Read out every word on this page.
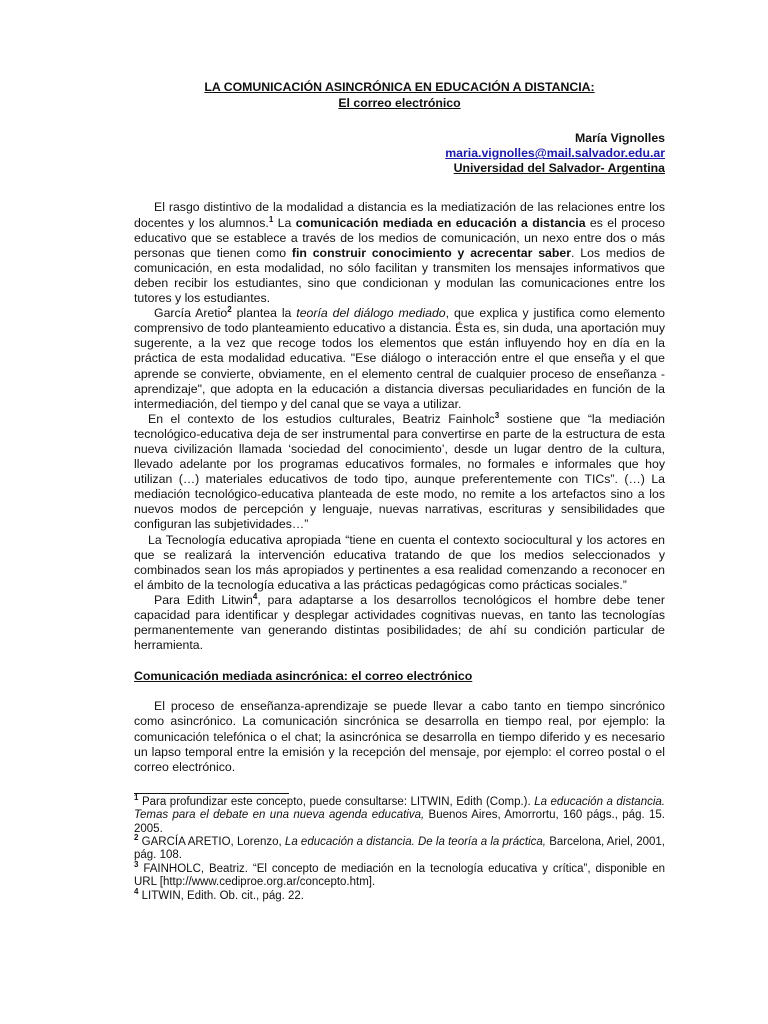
LA COMUNICACIÓN ASINCRÓNICA EN EDUCACIÓN A DISTANCIA:
El correo electrónico
María Vignolles
maria.vignolles@mail.salvador.edu.ar
Universidad del Salvador- Argentina

El rasgo distintivo de la modalidad a distancia es la mediatización de las relaciones entre los docentes y los alumnos.$^1$ La comunicación mediada en educación a distancia es el proceso educativo que se establece a través de los medios de comunicación, un nexo entre dos o más personas que tienen como fin construir conocimiento y acrecentar saber. Los medios de comunicación, en esta modalidad, no sólo facilitan y transmiten los mensajes informativos que deben recibir los estudiantes, sino que condicionan y modulan las comunicaciones entre los tutores y los estudiantes.

García Aretio$^2$ plantea la teoría del diálogo mediado, que explica y justifica como elemento comprensivo de todo planteamiento educativo a distancia. Ésta es, sin duda, una aportación muy sugerente, a la vez que recoge todos los elementos que están influyendo hoy en día en la práctica de esta modalidad educativa. "Ese diálogo o interacción entre el que enseña y el que aprende se convierte, obviamente, en el elemento central de cualquier proceso de enseñanza - aprendizaje", que adopta en la educación a distancia diversas peculiaridades en función de la intermediación, del tiempo y del canal que se vaya a utilizar.

En el contexto de los estudios culturales, Beatriz Fainholc$^3$ sostiene que “la mediación tecnológico-educativa deja de ser instrumental para convertirse en parte de la estructura de esta nueva civilización llamada ‘sociedad del conocimiento’, desde un lugar dentro de la cultura, llevado adelante por los programas educativos formales, no formales e informales que hoy utilizan (…) materiales educativos de todo tipo, aunque preferentemente con TICs”. (…) La mediación tecnológico-educativa planteada de este modo, no remite a los artefactos sino a los nuevos modos de percepción y lenguaje, nuevas narrativas, escrituras y sensibilidades que configuran las subjetividades…”

La Tecnología educativa apropiada “tiene en cuenta el contexto sociocultural y los actores en que se realizará la intervención educativa tratando de que los medios seleccionados y combinados sean los más apropiados y pertinentes a esa realidad comenzando a reconocer en el ámbito de la tecnología educativa a las prácticas pedagógicas como prácticas sociales.”

Para Edith Litwin$^4$, para adaptarse a los desarrollos tecnológicos el hombre debe tener capacidad para identificar y desplegar actividades cognitivas nuevas, en tanto las tecnologías permanentemente van generando distintas posibilidades; de ahí su condición particular de herramienta.

Comunicación mediada asincrónica: el correo electrónico

El proceso de enseñanza-aprendizaje se puede llevar a cabo tanto en tiempo sincrónico como asincrónico. La comunicación sincrónica se desarrolla en tiempo real, por ejemplo: la comunicación telefónica o el chat; la asincrónica se desarrolla en tiempo diferido y es necesario un lapso temporal entre la emisión y la recepción del mensaje, por ejemplo: el correo postal o el correo electrónico.

$^1$ Para profundizar este concepto, puede consultarse: LITWIN, Edith (Comp.). La educación a distancia. Temas para el debate en una nueva agenda educativa, Buenos Aires, Amorrortu, 160 págs., pág. 15. 2005.

$^2$ GARCÍA ARETIO, Lorenzo, La educación a distancia. De la teoría a la práctica, Barcelona, Ariel, 2001, pág. 108.

$^3$ FAINHOLC, Beatriz. “El concepto de mediación en la tecnología educativa y crítica”, disponible en URL [http://www.cediproe.org.ar/concepto.htm].

$^4$ LITWIN, Edith. Ob. cit., pág. 22.
